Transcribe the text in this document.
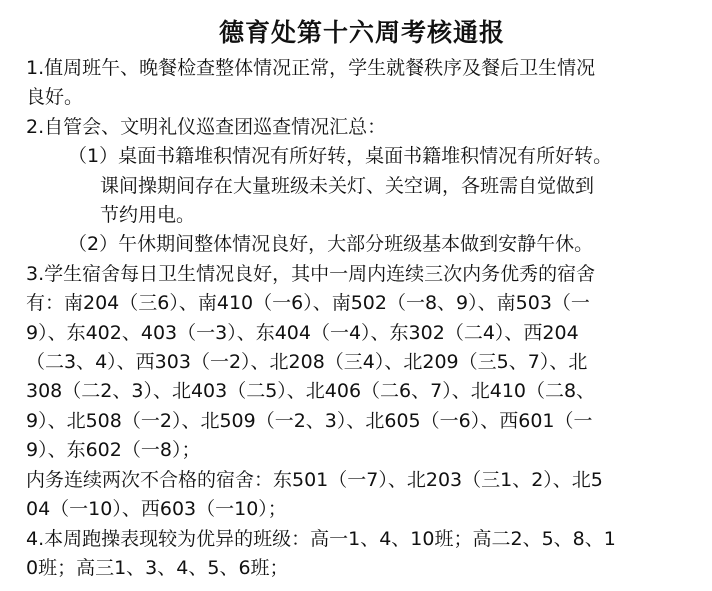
德育处第十六周考核通报
1.值周班午、晚餐检查整体情况正常，学生就餐秩序及餐后卫生情况
良好。
2.自管会、文明礼仪巡查团巡查情况汇总：
（1）桌面书籍堆积情况有所好转，桌面书籍堆积情况有所好转。
课间操期间存在大量班级未关灯、关空调，各班需自觉做到
节约用电。
（2）午休期间整体情况良好，大部分班级基本做到安静午休。
3.学生宿舍每日卫生情况良好，其中一周内连续三次内务优秀的宿舍
有：南204（三6）、南410（一6）、南502（一8、9）、南503（一
9）、东402、403（一3）、东404（一4）、东302（二4）、西204
（二3、4）、西303（一2）、北208（三4）、北209（三5、7）、北
308（二2、3）、北403（二5）、北406（二6、7）、北410（二8、
9）、北508（一2）、北509（一2、3）、北605（一6）、西601（一
9）、东602（一8）；
内务连续两次不合格的宿舍：东501（一7）、北203（三1、2）、北5
04（一10）、西603（一10）；
4.本周跑操表现较为优异的班级：高一1、4、10班；高二2、5、8、1
0班；高三1、3、4、5、6班；
